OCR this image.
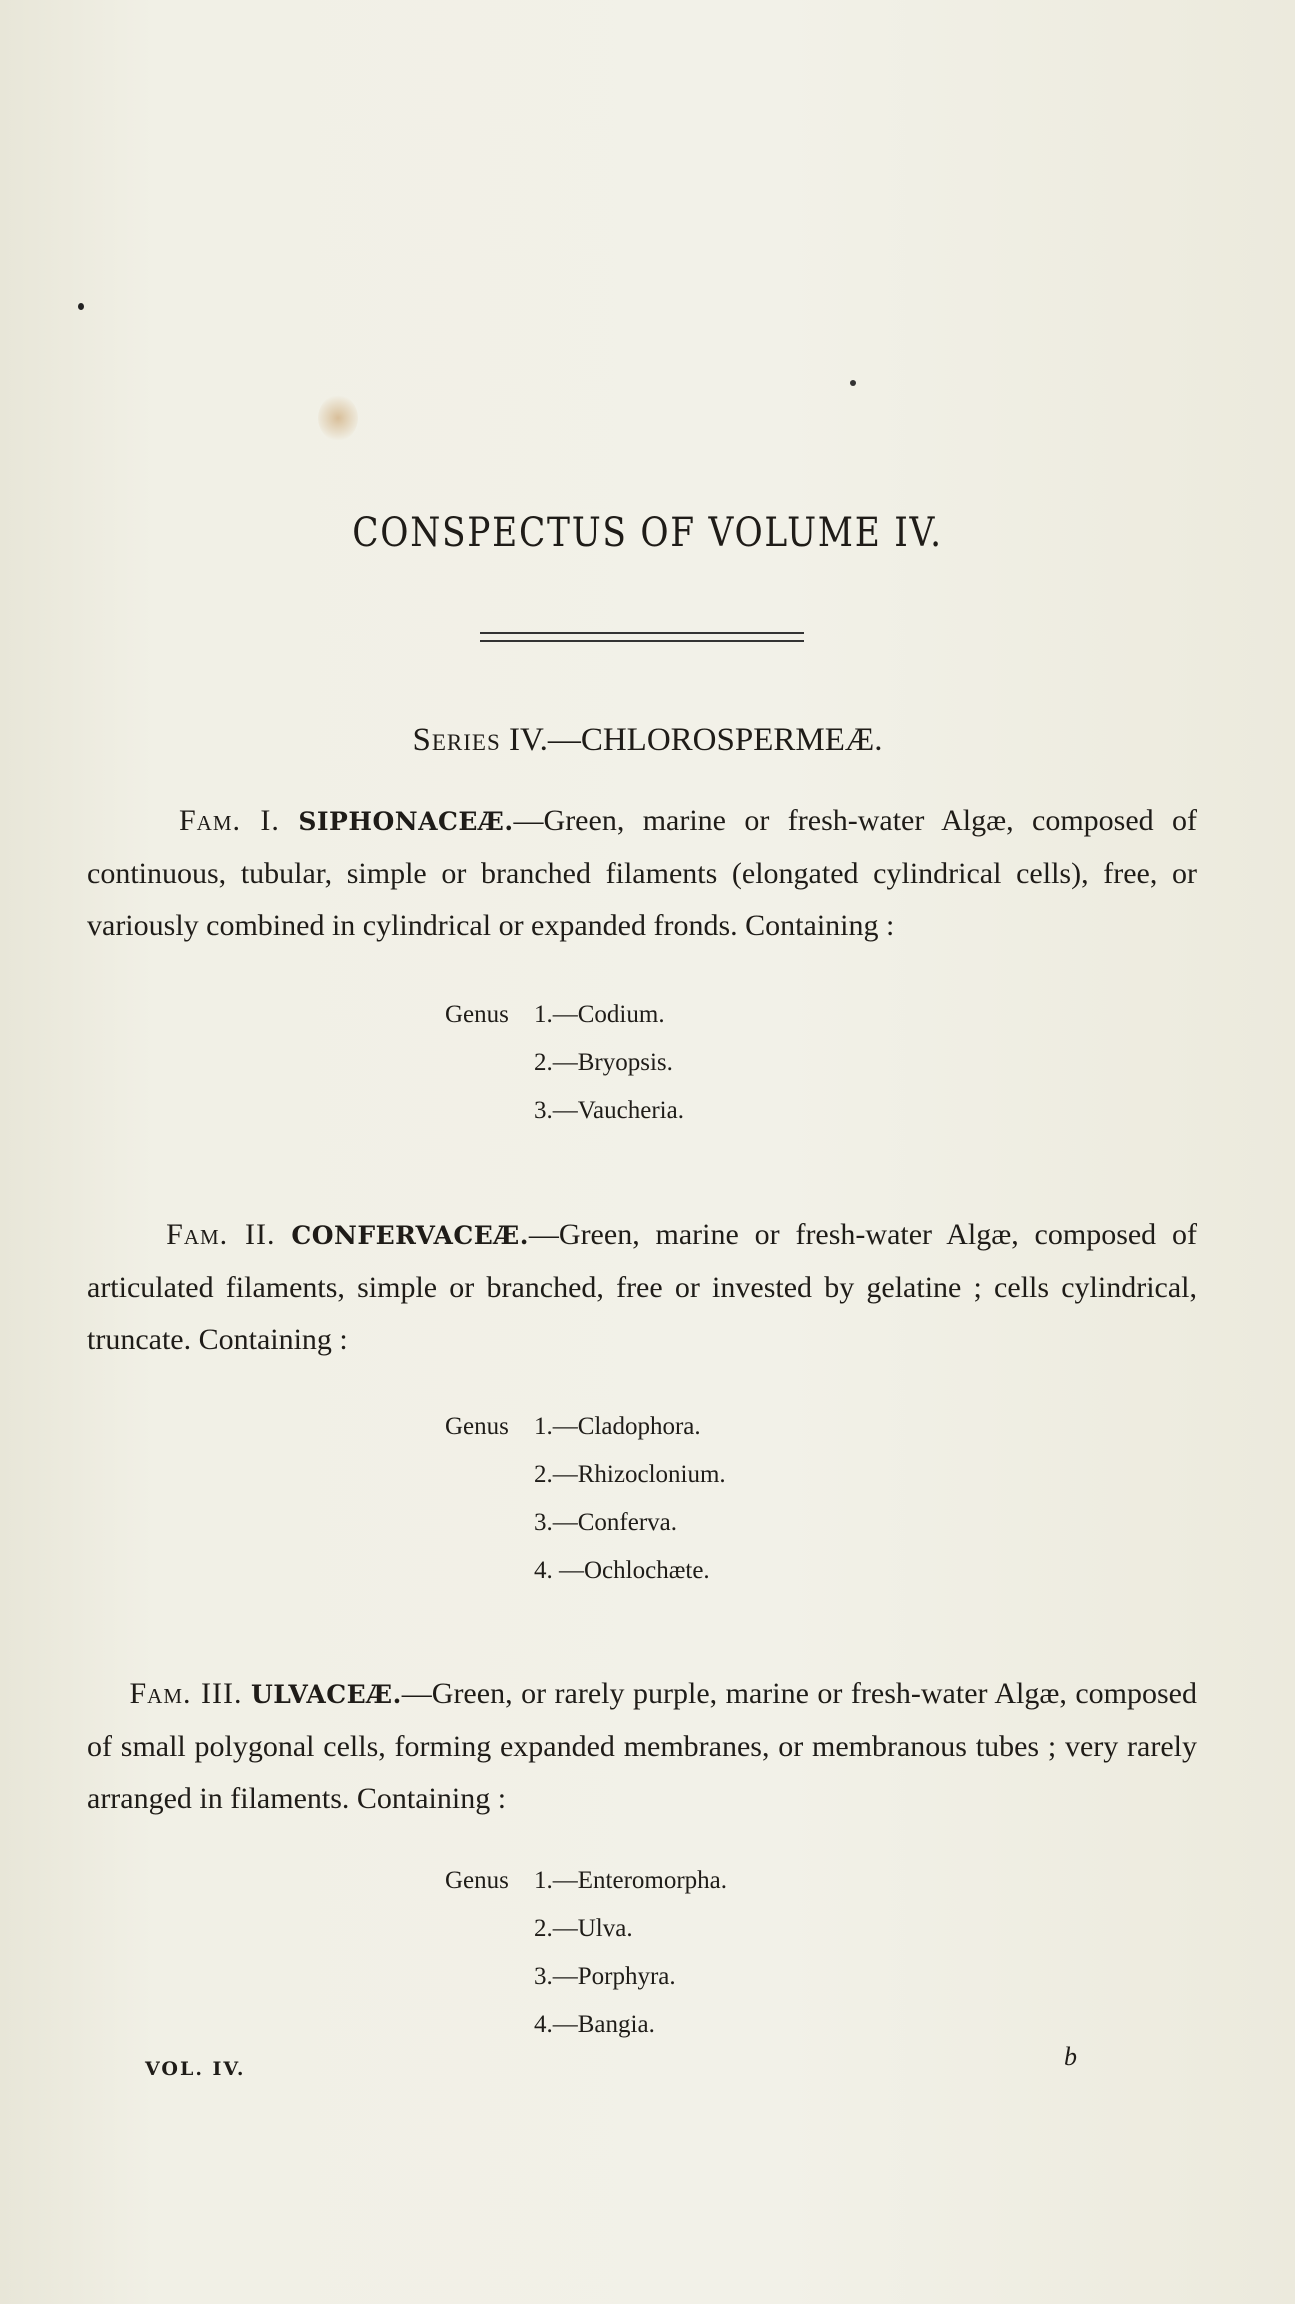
CONSPECTUS OF VOLUME IV.
Series IV.—CHLOROSPERMEÆ.

Fam. I. SIPHONACEÆ.—Green, marine or fresh-water Algæ, composed of continuous, tubular, simple or branched filaments (elongated cylindrical cells), free, or variously combined in cylindrical or expanded fronds. Containing :

Genus 1.—Codium.
2.—Bryopsis.
3.—Vaucheria.

Fam. II. CONFERVACEÆ.—Green, marine or fresh-water Algæ, composed of articulated filaments, simple or branched, free or invested by gelatine ; cells cylindrical, truncate. Containing :

Genus 1.—Cladophora.
2.—Rhizoclonium.
3.—Conferva.
4. —Ochlochæte.

Fam. III. ULVACEÆ.—Green, or rarely purple, marine or fresh-water Algæ, composed of small polygonal cells, forming expanded membranes, or membranous tubes ; very rarely arranged in filaments. Containing :

Genus 1.—Enteromorpha.
2.—Ulva.
3.—Porphyra.
4.—Bangia.
VOL. IV.	b
